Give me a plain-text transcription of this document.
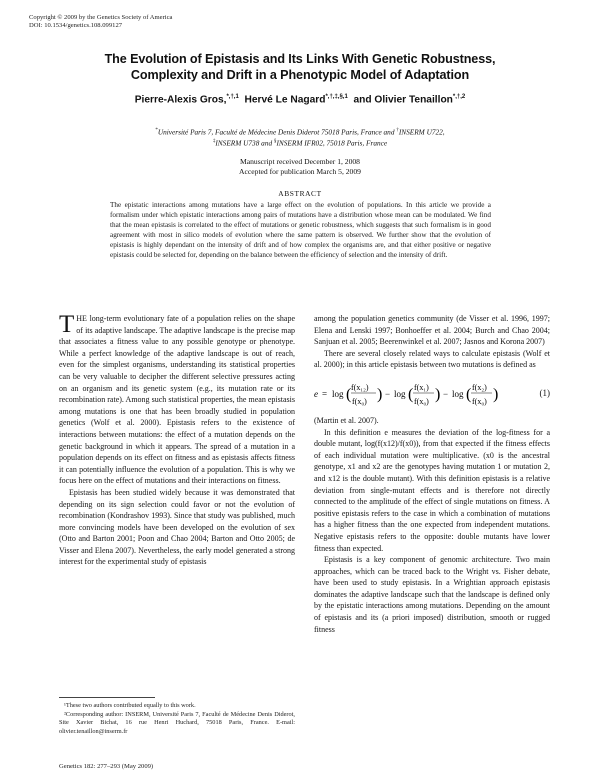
Copyright © 2009 by the Genetics Society of America
DOI: 10.1534/genetics.108.099127
The Evolution of Epistasis and Its Links With Genetic Robustness,
Complexity and Drift in a Phenotypic Model of Adaptation
Pierre-Alexis Gros,$^{*,\dagger,1}$ Hervé Le Nagard$^{*,\dagger,\ddagger,\S,1}$ and Olivier Tenaillon$^{*,\dagger,2}$
*Université Paris 7, Faculté de Médecine Denis Diderot 75018 Paris, France and †INSERM U722,
‡INSERM U738 and §INSERM IFR02, 75018 Paris, France
Manuscript received December 1, 2008
Accepted for publication March 5, 2009
ABSTRACT
The epistatic interactions among mutations have a large effect on the evolution of populations. In this article we provide a formalism under which epistatic interactions among pairs of mutations have a distribution whose mean can be modulated. We find that the mean epistasis is correlated to the effect of mutations or genetic robustness, which suggests that such formalism is in good agreement with most in silico models of evolution where the same pattern is observed. We further show that the evolution of epistasis is highly dependant on the intensity of drift and of how complex the organisms are, and that either positive or negative epistasis could be selected for, depending on the balance between the efficiency of selection and the intensity of drift.

THE long-term evolutionary fate of a population relies on the shape of its adaptive landscape. The adaptive landscape is the precise map that associates a fitness value to any possible genotype or phenotype. While a perfect knowledge of the adaptive landscape is out of reach, even for the simplest organisms, understanding its statistical properties can be very valuable to decipher the different selective pressures acting on an organism and its genetic system (e.g., its mutation rate or its recombination rate). Among such statistical properties, the mean epistasis among mutations is one that has been broadly studied in population genetics (Wolf et al. 2000). Epistasis refers to the existence of interactions between mutations: the effect of a mutation depends on the genetic background in which it appears. The spread of a mutation in a population depends on its effect on fitness and as epistasis affects fitness it can potentially influence the evolution of a population. This is why we focus here on the effect of mutations and their interactions on fitness.

Epistasis has been studied widely because it was demonstrated that depending on its sign selection could favor or not the evolution of recombination (Kondrashov 1993). Since that study was published, much more convincing models have been developed on the evolution of sex (Otto and Barton 2001; Poon and Chao 2004; Barton and Otto 2005; de Visser and Elena 2007). Nevertheless, the early model generated a strong interest for the experimental study of epistasis

among the population genetics community (de Visser et al. 1996, 1997; Elena and Lenski 1997; Bonhoeffer et al. 2004; Burch and Chao 2004; Sanjuan et al. 2005; Beerenwinkel et al. 2007; Jasnos and Korona 2007)

There are several closely related ways to calculate epistasis (Wolf et al. 2000); in this article epistasis between two mutations is defined as

e = log ( f(x₁₂)
f(x₀) ) − log ( f(x₁)
f(x₀) ) − log ( f(x₂)
f(x₀) )	(1)

(Martin et al. 2007).

In this definition e measures the deviation of the log-fitness for a double mutant, log(f(x12)/f(x0)), from that expected if the fitness effects of each individual mutation were multiplicative. (x0 is the ancestral genotype, x1 and x2 are the genotypes having mutation 1 or mutation 2, and x12 is the double mutant). With this definition epistasis is a relative deviation from single-mutant effects and is therefore not directly connected to the amplitude of the effect of single mutations on fitness. A positive epistasis refers to the case in which a combination of mutations has a higher fitness than the one expected from independent mutations. Negative epistasis refers to the opposite: double mutants have lower fitness than expected.

Epistasis is a key component of genomic architecture. Two main approaches, which can be traced back to the Wright vs. Fisher debate, have been used to study epistasis. In a Wrightian approach epistasis dominates the adaptive landscape such that the landscape is defined only by the epistatic interactions among mutations. Depending on the amount of epistasis and its (a priori imposed) distribution, smooth or rugged fitness

¹These two authors contributed equally to this work.

²Corresponding author: INSERM, Université Paris 7, Faculté de Médecine Denis Diderot, Site Xavier Bichat, 16 rue Henri Huchard, 75018 Paris, France. E-mail: olivier.tenaillon@inserm.fr

Genetics 182: 277–293 (May 2009)
